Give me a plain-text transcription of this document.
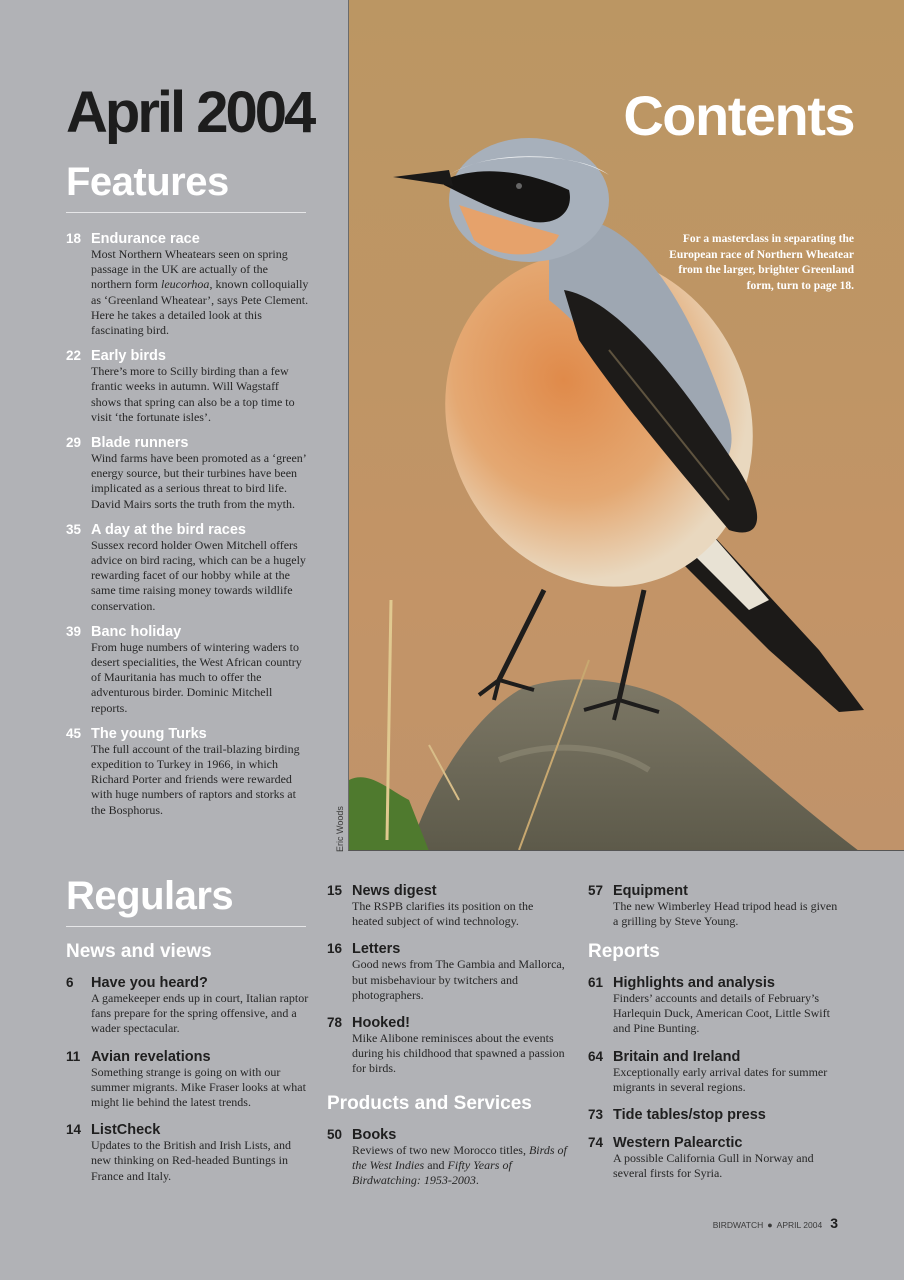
Eric Woods
April 2004	Contents
For a masterclass in separating the European race of Northern Wheatear from the larger, brighter Greenland form, turn to page 18.
Features
18 Endurance race
Most Northern Wheatears seen on spring passage in the UK are actually of the northern form leucorhoa, known colloquially as ‘Greenland Wheatear’, says Pete Clement. Here he takes a detailed look at this fascinating bird.
22 Early birds
There’s more to Scilly birding than a few frantic weeks in autumn. Will Wagstaff shows that spring can also be a top time to visit ‘the fortunate isles’.
29 Blade runners
Wind farms have been promoted as a ‘green’ energy source, but their turbines have been implicated as a serious threat to bird life. David Mairs sorts the truth from the myth.
35 A day at the bird races
Sussex record holder Owen Mitchell offers advice on bird racing, which can be a hugely rewarding facet of our hobby while at the same time raising money towards wildlife conservation.
39 Banc holiday
From huge numbers of wintering waders to desert specialities, the West African country of Mauritania has much to offer the adventurous birder. Dominic Mitchell reports.
45 The young Turks
The full account of the trail-blazing birding expedition to Turkey in 1966, in which Richard Porter and friends were rewarded with huge numbers of raptors and storks at the Bosphorus.
Regulars
News and views
6 Have you heard?
A gamekeeper ends up in court, Italian raptor fans prepare for the spring offensive, and a wader spectacular.
11 Avian revelations
Something strange is going on with our summer migrants. Mike Fraser looks at what might lie behind the latest trends.
14 ListCheck
Updates to the British and Irish Lists, and new thinking on Red-headed Buntings in France and Italy.
15 News digest
The RSPB clarifies its position on the heated subject of wind technology.
16 Letters
Good news from The Gambia and Mallorca, but misbehaviour by twitchers and photographers.
78 Hooked!
Mike Alibone reminisces about the events during his childhood that spawned a passion for birds.
Products and Services
50 Books
Reviews of two new Morocco titles, Birds of the West Indies and Fifty Years of Birdwatching: 1953-2003.
57 Equipment
The new Wimberley Head tripod head is given a grilling by Steve Young.
Reports
61 Highlights and analysis
Finders’ accounts and details of February’s Harlequin Duck, American Coot, Little Swift and Pine Bunting.
64 Britain and Ireland
Exceptionally early arrival dates for summer migrants in several regions.
73 Tide tables/stop press
74 Western Palearctic
A possible California Gull in Norway and several firsts for Syria.
BIRDWATCH ● APRIL 2004 3
